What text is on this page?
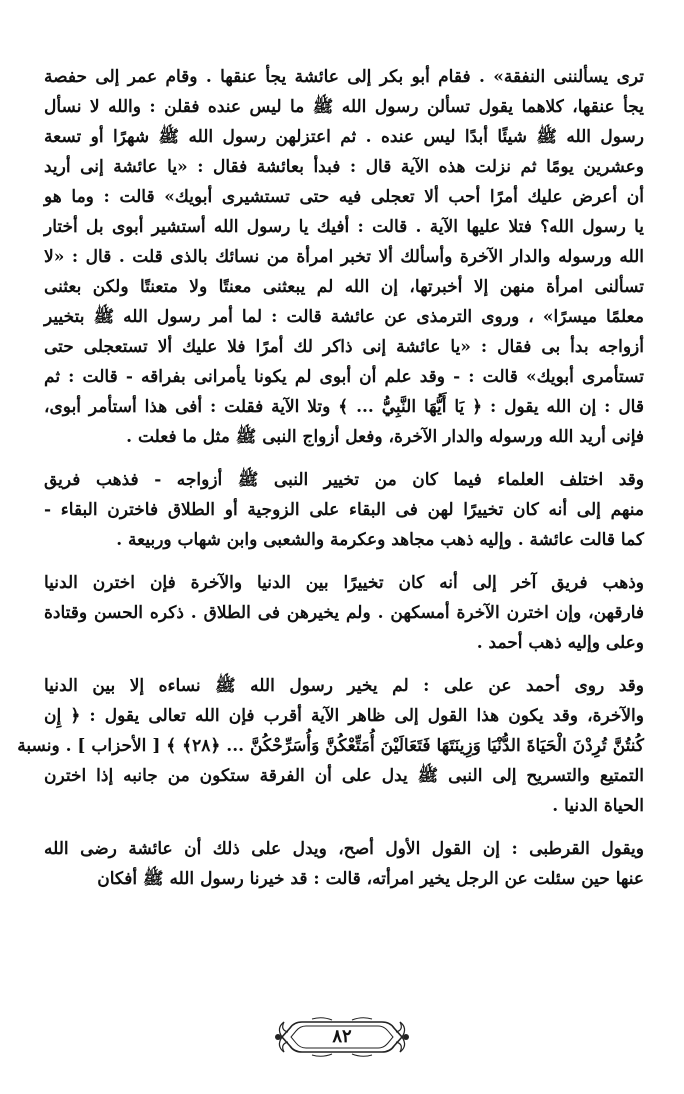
ترى يسألننى النفقة» . فقام أبو بكر إلى عائشة يجأ عنقها . وقام عمر إلى حفصة
يجأ عنقها، كلاهما يقول تسألن رسول الله ﷺ ما ليس عنده فقلن : والله لا نسأل
رسول الله ﷺ شيئًا أبدًا ليس عنده . ثم اعتزلهن رسول الله ﷺ شهرًا أو تسعة
وعشرين يومًا ثم نزلت هذه الآية قال : فبدأ بعائشة فقال : «يا عائشة إنى أريد
أن أعرض عليك أمرًا أحب ألا تعجلى فيه حتى تستشيرى أبويك» قالت : وما هو
يا رسول الله؟ فتلا عليها الآية . قالت : أفيك يا رسول الله أستشير أبوى بل أختار
الله ورسوله والدار الآخرة وأسألك ألا تخبر امرأة من نسائك بالذى قلت . قال : «لا
تسألنى امرأة منهن إلا أخبرتها، إن الله لم يبعثنى معنتًا ولا متعنتًا ولكن بعثنى
معلمًا ميسرًا» ، وروى الترمذى عن عائشة قالت : لما أمر رسول الله ﷺ بتخيير
أزواجه بدأ بى فقال : «يا عائشة إنى ذاكر لك أمرًا فلا عليك ألا تستعجلى حتى
تستأمرى أبويك» قالت : - وقد علم أن أبوى لم يكونا يأمرانى بفراقه - قالت : ثم
قال : إن الله يقول : ﴿ يَا أَيُّهَا النَّبِيُّ ... ﴾ وتلا الآية فقلت : أفى هذا أستأمر أبوى،
فإنى أريد الله ورسوله والدار الآخرة، وفعل أزواج النبى ﷺ مثل ما فعلت .
وقد اختلف العلماء فيما كان من تخيير النبى ﷺ أزواجه - فذهب فريق
منهم إلى أنه كان تخييرًا لهن فى البقاء على الزوجية أو الطلاق فاخترن البقاء -
كما قالت عائشة . وإليه ذهب مجاهد وعكرمة والشعبى وابن شهاب وربيعة .
وذهب فريق آخر إلى أنه كان تخييرًا بين الدنيا والآخرة فإن اخترن الدنيا
فارقهن، وإن اخترن الآخرة أمسكهن . ولم يخيرهن فى الطلاق . ذكره الحسن وقتادة
وعلى وإليه ذهب أحمد .
وقد روى أحمد عن على : لم يخير رسول الله ﷺ نساءه إلا بين الدنيا
والآخرة، وقد يكون هذا القول إلى ظاهر الآية أقرب فإن الله تعالى يقول : ﴿ إِن
كُنتُنَّ تُرِدْنَ الْحَيَاةَ الدُّنْيَا وَزِينَتَهَا فَتَعَالَيْنَ أُمَتِّعْكُنَّ وَأُسَرِّحْكُنَّ ... ﴿٢٨﴾ ﴾ [ الأحزاب ] . ونسبة
التمتيع والتسريح إلى النبى ﷺ يدل على أن الفرقة ستكون من جانبه إذا اخترن
الحياة الدنيا .
ويقول القرطبى : إن القول الأول أصح، ويدل على ذلك أن عائشة رضى الله
عنها حين سئلت عن الرجل يخير امرأته، قالت : قد خيرنا رسول الله ﷺ أفكان
٨٢
